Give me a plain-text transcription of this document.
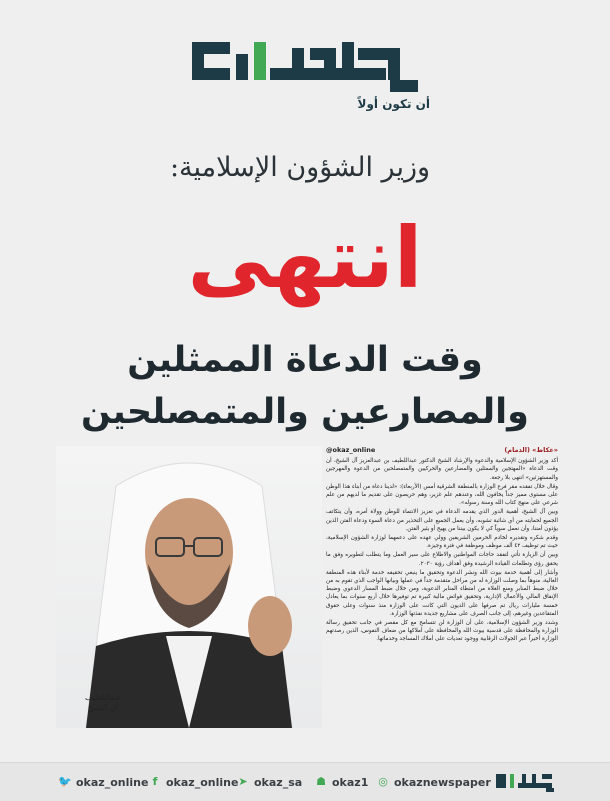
أن تكون أولاً
وزير الشؤون الإسلامية:
انتهى
وقت الدعاة الممثلين
والمصارعين والمتمصلحين
عبداللطيف
آل الشيخ
«عكاظ» (الدمام)
@okaz_online

أكد وزير الشؤون الإسلامية والدعوة والإرشاد الشيخ الدكتور عبداللطيف بن عبدالعزيز آل الشيخ، أن وقت الدعاة «المهتجين والممثلين والمصارعين والحركيين والمتمصلحين من الدعوة والمهرجين والمستهزئين» انتهى بلا رجعة.

وقال خلال تفقده مقر فرع الوزارة بالمنطقة الشرقية أمس (الأربعاء): «لدينا دعاة من أبناء هذا الوطن على مستوى مميز جداً يخافون الله، وعندهم علم غزير، وهم حريصون على تقديم ما لديهم من علم شرعي على منهج كتاب الله وسنة رسوله».

وبين آل الشيخ، أهمية الدور الذي يقدمه الدعاة في تعزيز الانتماء للوطن وولاة أمره، وأن يتكاتف الجميع لحمايته من أي شائبة تشوبه، وأن يعمل الجميع على التحذير من دعاة السوء ودعاة الفتن الذين يؤذون أمننا، وأن نعمل سوياً كي لا يكون بيننا من يهيج أو يثير الفتن.

وقدم شكره وتقديره لخادم الحرمين الشريفين وولي عهده على دعمهما لوزارة الشؤون الإسلامية، حيث تم توظيف ٤٢ ألف موظف وموظفة في فترة وجيزة.

وبين أن الزيارة تأتي لتفقد حاجات المواطنين والاطلاع على سير العمل وما يتطلب لتطويره وفق ما يحقق رؤى وتطلعات القيادة الرشيدة وفق أهداف رؤية ٢٠٣٠.

وأشار إلى أهمية خدمة بيوت الله ونشر الدعوة وتحقيق ما ينبغي تحقيقه خدمة لأبناء هذه المنطقة الغالية، منوهاً بما وصلت الوزارة له من مراحل متقدمة جداً في عملها وبيانها الواجب الذي تقوم به من خلال ضبط المنابر ومنع الغلاة من امتطاء المنابر الدعوية، ومن خلال ضبط المسار الدعوي وضبط الإنفاق المالي والأعمال الإدارية، وتحقيق فوائض مالية كبيرة تم توفيرها خلال أربع سنوات بما يعادل خمسة مليارات ريال تم صرفها على الديون التي كانت على الوزارة منذ سنوات وعلى حقوق المتقاعدين وغيرهم، إلى جانب الصرف على مشاريع جديدة نفذتها الوزارة.

وشدد وزير الشؤون الإسلامية، على أن الوزارة لن تتسامح مع كل مقصر في جانب تحقيق رسالة الوزارة والمحافظة على قدسية بيوت الله والمحافظة على أملاكها من ضعاف النفوس، الذين رصدتهم الوزارة أخيراً عبر الجولات الرقابية ووجود تعديات على أملاك المساجد وخدماتها.

🐦 okaz_online f okaz_online ➤ okaz_sa ☗ okaz1 ◎ okaznewspaper
